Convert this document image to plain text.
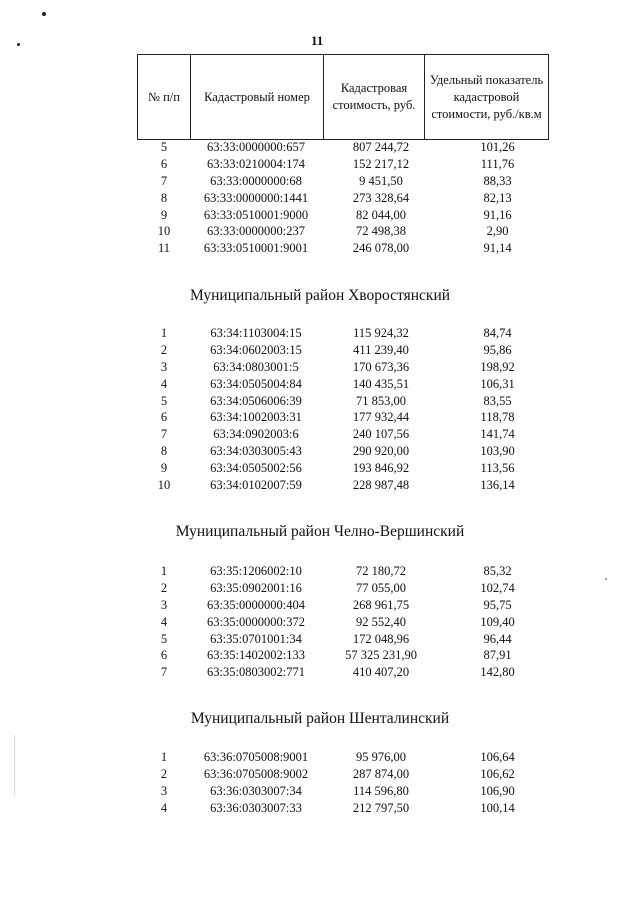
11
№ п/п	Кадастровый номер	Кадастровая стоимость, руб.	Удельный показатель кадастровой стоимости, руб./кв.м
5	63:33:0000000:657	807 244,72	101,26
6	63:33:0210004:174	152 217,12	111,76
7	63:33:0000000:68	9 451,50	88,33
8	63:33:0000000:1441	273 328,64	82,13
9	63:33:0510001:9000	82 044,00	91,16
10	63:33:0000000:237	72 498,38	2,90
11	63:33:0510001:9001	246 078,00	91,14
Муниципальный район Хворостянский
1	63:34:1103004:15	115 924,32	84,74
2	63:34:0602003:15	411 239,40	95,86
3	63:34:0803001:5	170 673,36	198,92
4	63:34:0505004:84	140 435,51	106,31
5	63:34:0506006:39	71 853,00	83,55
6	63:34:1002003:31	177 932,44	118,78
7	63:34:0902003:6	240 107,56	141,74
8	63:34:0303005:43	290 920,00	103,90
9	63:34:0505002:56	193 846,92	113,56
10	63:34:0102007:59	228 987,48	136,14
Муниципальный район Челно-Вершинский
1	63:35:1206002:10	72 180,72	85,32
2	63:35:0902001:16	77 055,00	102,74
3	63:35:0000000:404	268 961,75	95,75
4	63:35:0000000:372	92 552,40	109,40
5	63:35:0701001:34	172 048,96	96,44
6	63:35:1402002:133	57 325 231,90	87,91
7	63:35:0803002:771	410 407,20	142,80
Муниципальный район Шенталинский
1	63:36:0705008:9001	95 976,00	106,64
2	63:36:0705008:9002	287 874,00	106,62
3	63:36:0303007:34	114 596,80	106,90
4	63:36:0303007:33	212 797,50	100,14
